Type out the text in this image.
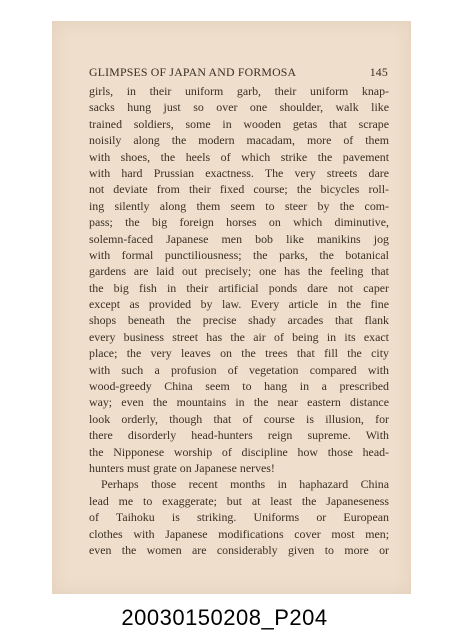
GLIMPSES OF JAPAN AND FORMOSA	145
girls, in their uniform garb, their uniform knap-
sacks hung just so over one shoulder, walk like
trained soldiers, some in wooden getas that scrape
noisily along the modern macadam, more of them
with shoes, the heels of which strike the pavement
with hard Prussian exactness. The very streets dare
not deviate from their fixed course; the bicycles roll-
ing silently along them seem to steer by the com-
pass; the big foreign horses on which diminutive,
solemn-faced Japanese men bob like manikins jog
with formal punctiliousness; the parks, the botanical
gardens are laid out precisely; one has the feeling that
the big fish in their artificial ponds dare not caper
except as provided by law. Every article in the fine
shops beneath the precise shady arcades that flank
every business street has the air of being in its exact
place; the very leaves on the trees that fill the city
with such a profusion of vegetation compared with
wood-greedy China seem to hang in a prescribed
way; even the mountains in the near eastern distance
look orderly, though that of course is illusion, for
there disorderly head-hunters reign supreme. With
the Nipponese worship of discipline how those head-
hunters must grate on Japanese nerves!
Perhaps those recent months in haphazard China
lead me to exaggerate; but at least the Japaneseness
of Taihoku is striking. Uniforms or European
clothes with Japanese modifications cover most men;
even the women are considerably given to more or
20030150208_P204
